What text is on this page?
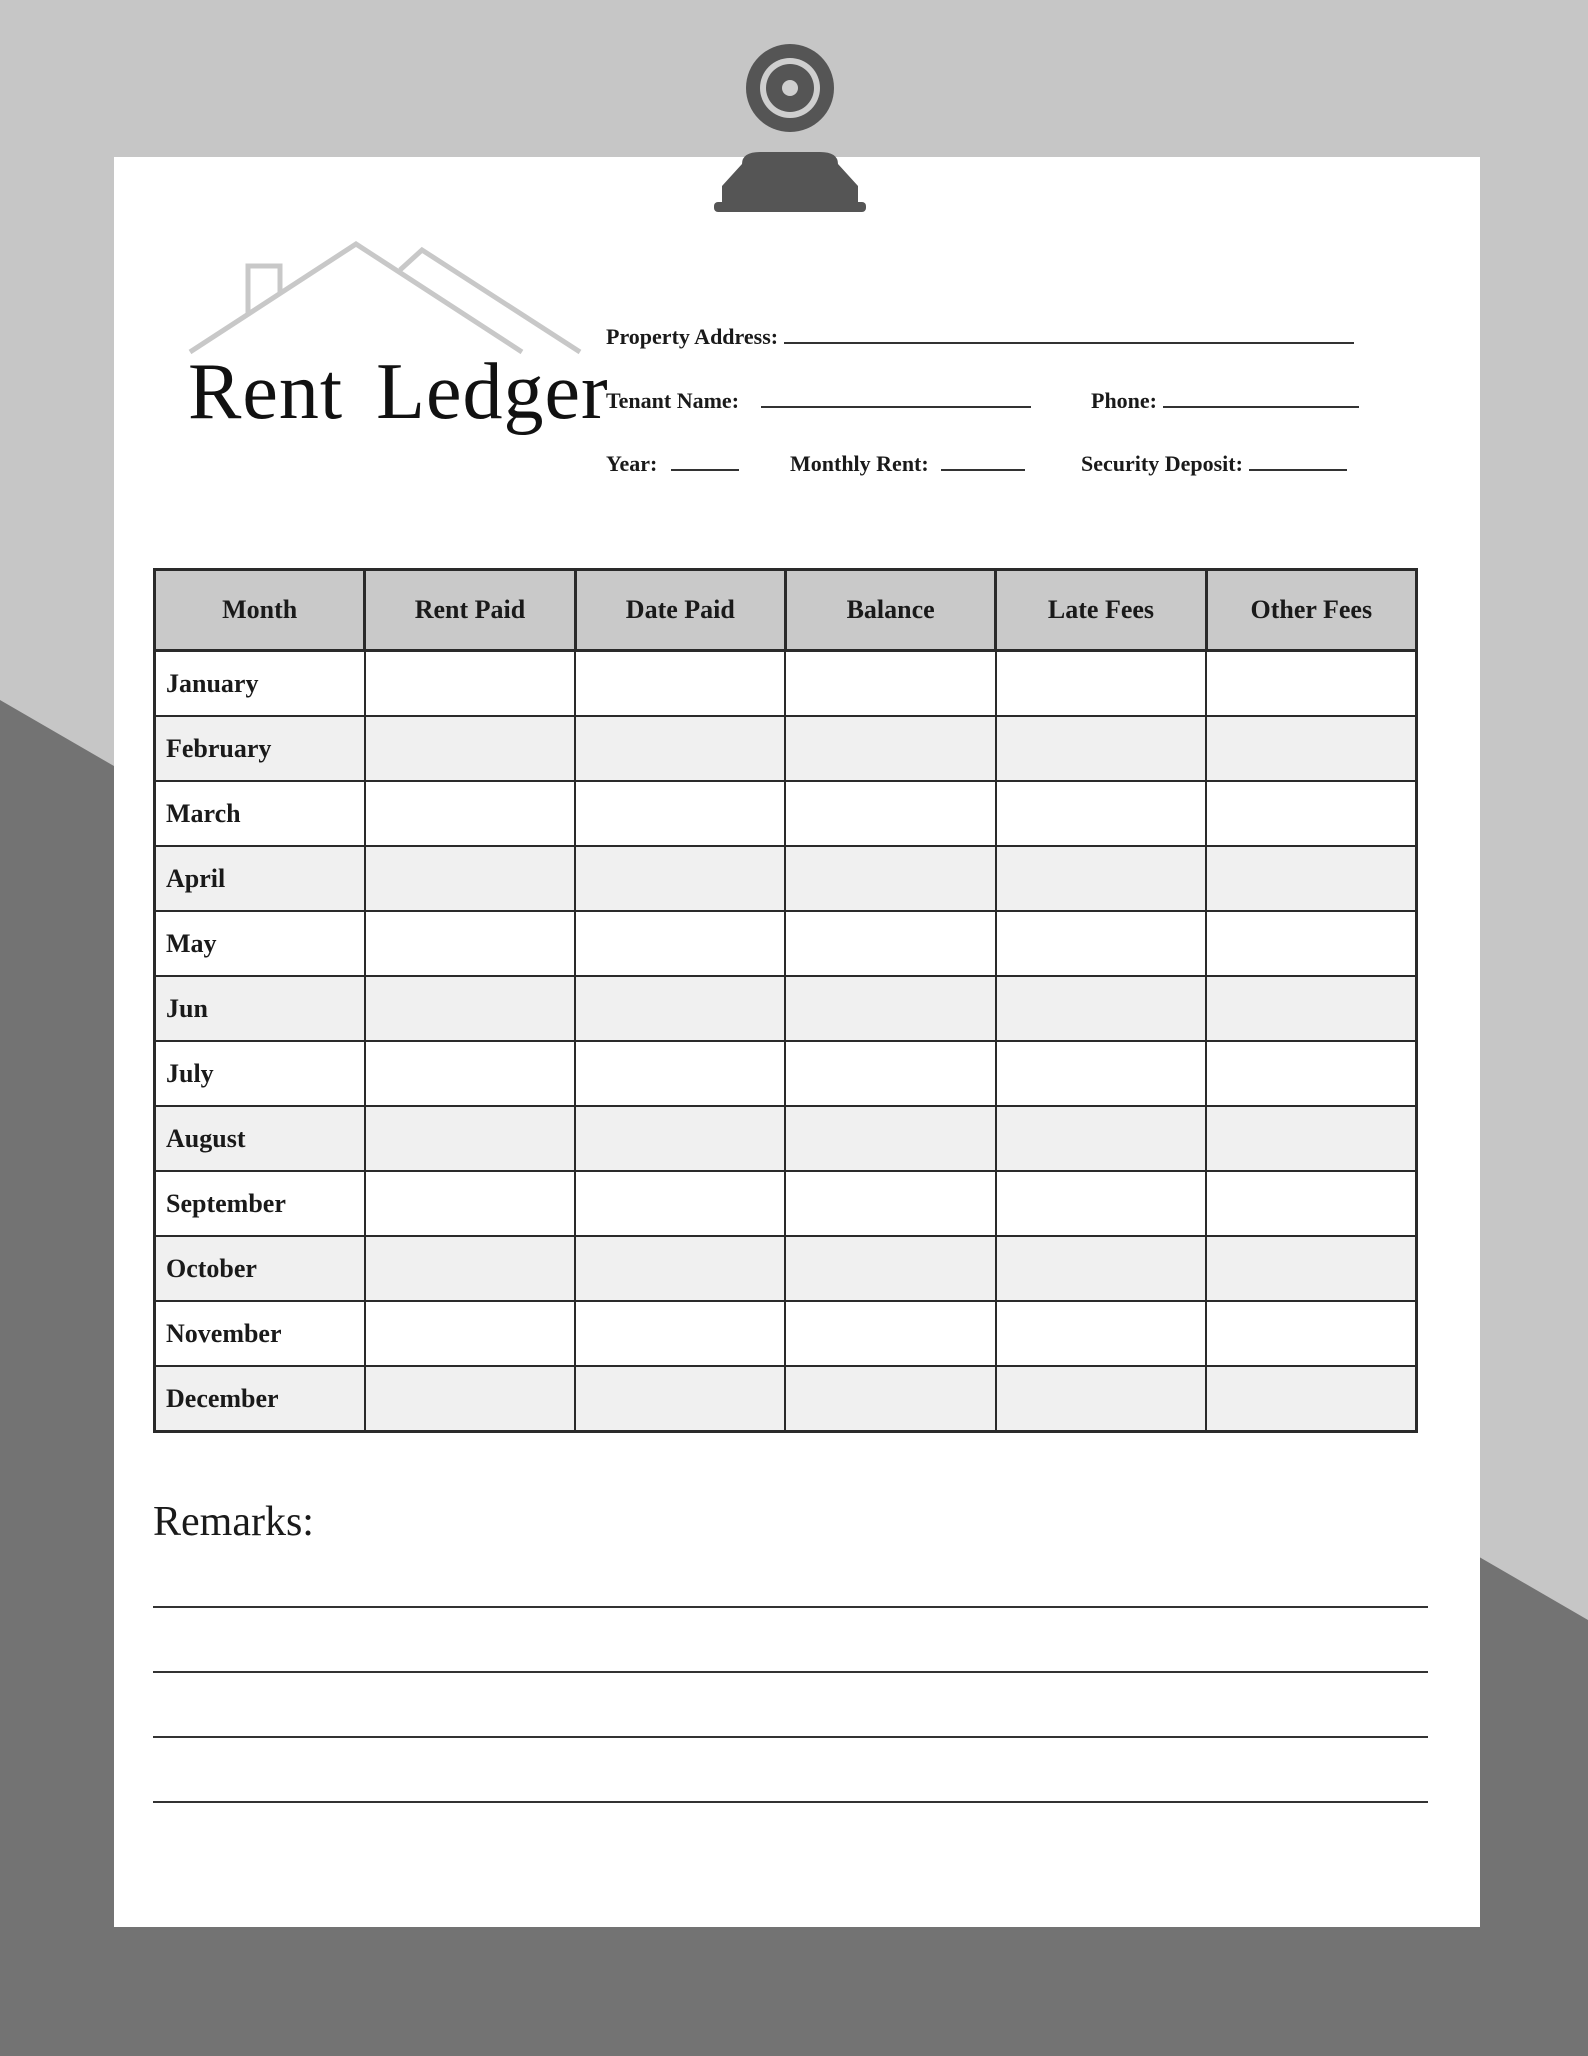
Rent Ledger
Property Address:
Tenant Name:	Phone:
Year:	Monthly Rent:	Security Deposit:
Month	Rent Paid	Date Paid	Balance	Late Fees	Other Fees
January					
February					
March					
April					
May					
Jun					
July					
August					
September					
October					
November					
December					
Remarks:
